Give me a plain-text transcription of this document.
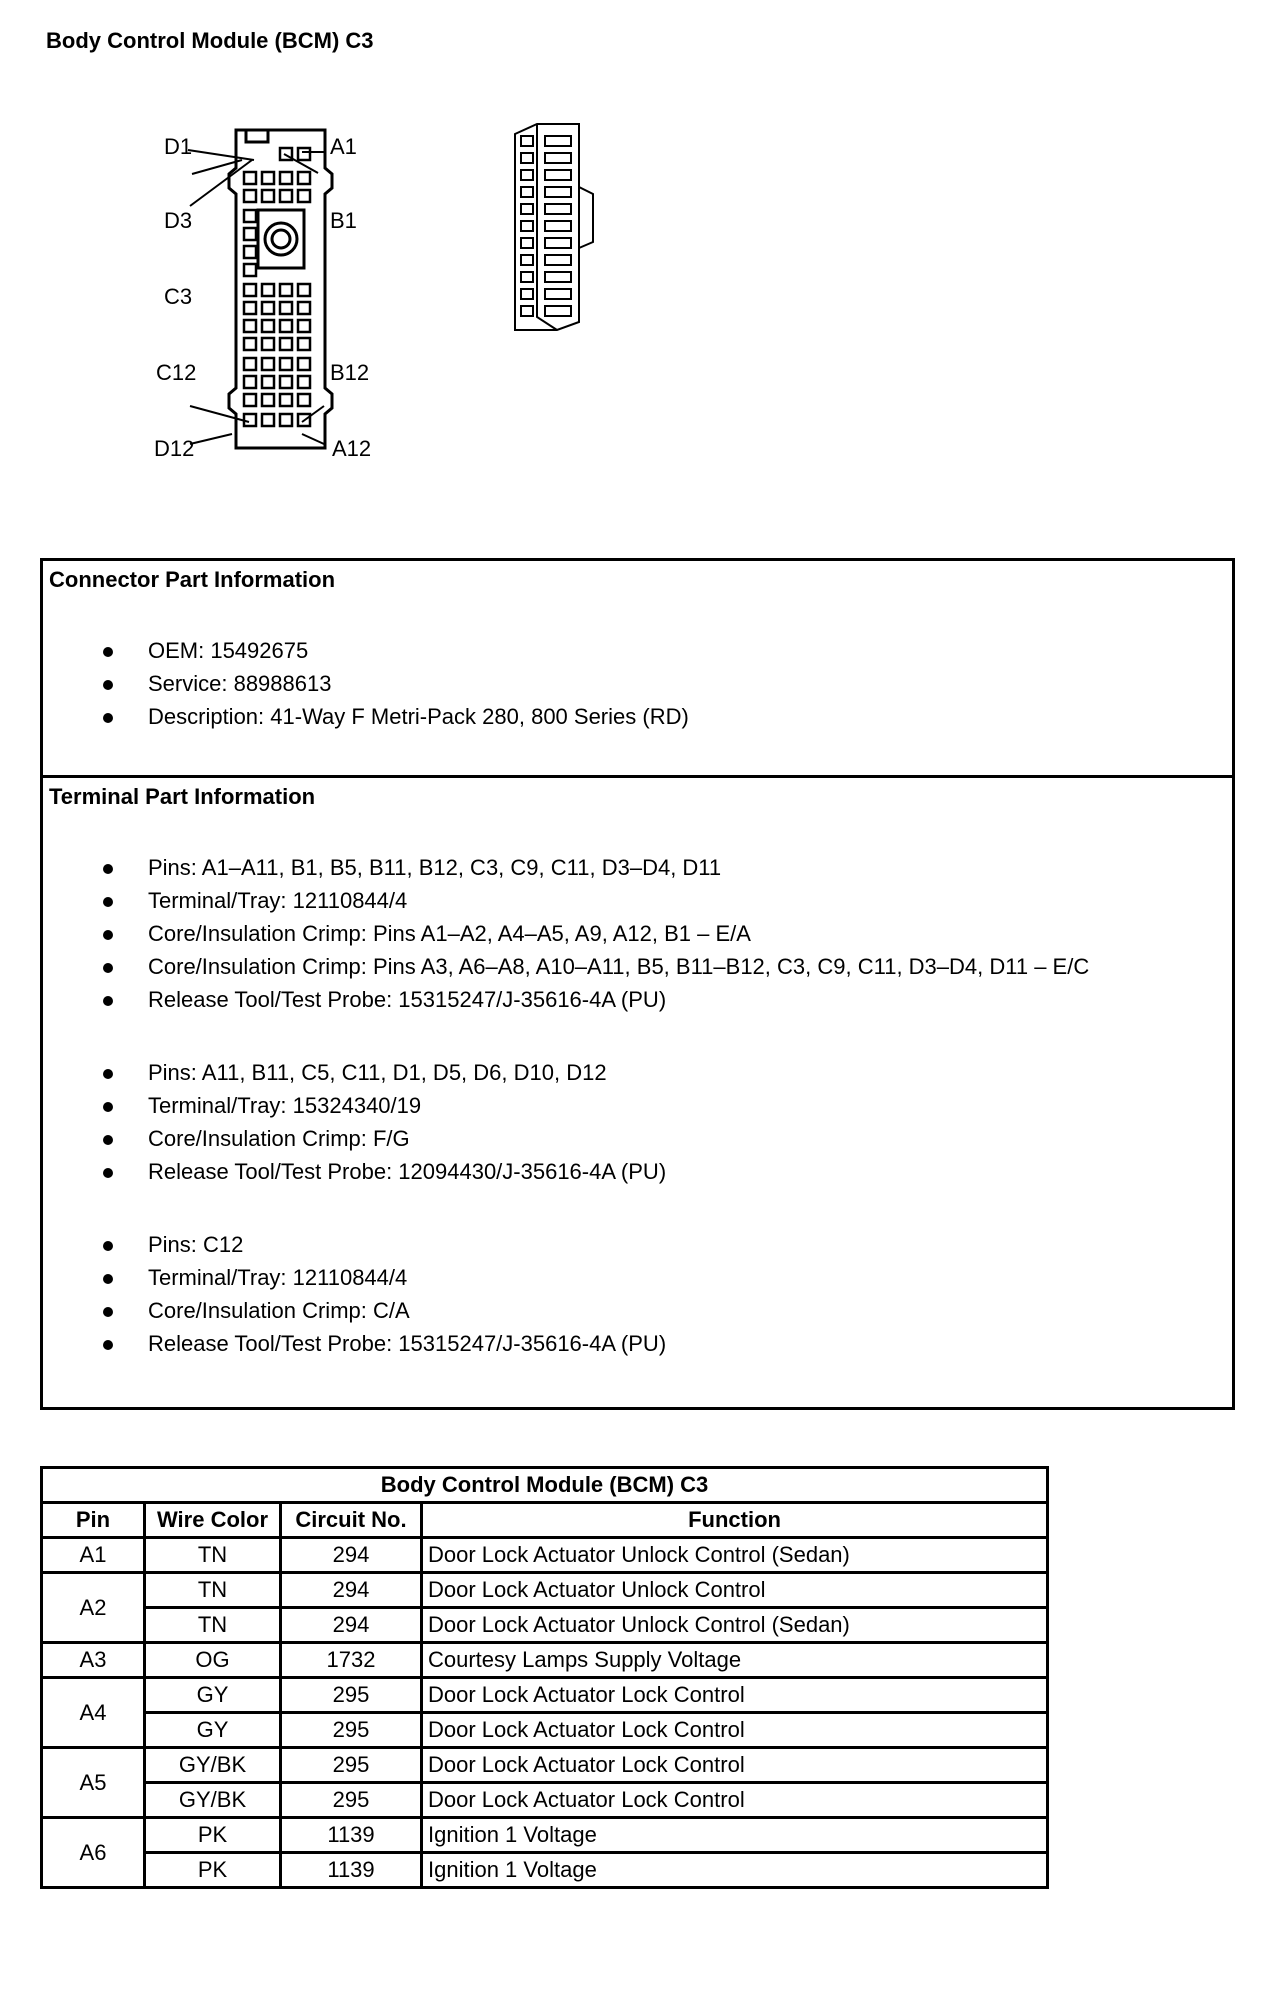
Body Control Module (BCM) C3
D1	A1
D3	B1
C3
C12	B12
D12	A12
Connector Part Information
OEM: 15492675
Service: 88988613
Description: 41-Way F Metri-Pack 280, 800 Series (RD)
Terminal Part Information
Pins: A1–A11, B1, B5, B11, B12, C3, C9, C11, D3–D4, D11
Terminal/Tray: 12110844/4
Core/Insulation Crimp: Pins A1–A2, A4–A5, A9, A12, B1 – E/A
Core/Insulation Crimp: Pins A3, A6–A8, A10–A11, B5, B11–B12, C3, C9, C11, D3–D4, D11 – E/C
Release Tool/Test Probe: 15315247/J-35616-4A (PU)
Pins: A11, B11, C5, C11, D1, D5, D6, D10, D12
Terminal/Tray: 15324340/19
Core/Insulation Crimp: F/G
Release Tool/Test Probe: 12094430/J-35616-4A (PU)
Pins: C12
Terminal/Tray: 12110844/4
Core/Insulation Crimp: C/A
Release Tool/Test Probe: 15315247/J-35616-4A (PU)
Body Control Module (BCM) C3			
Pin	Wire Color	Circuit No.	Function
A1	TN	294	Door Lock Actuator Unlock Control (Sedan)
A2	TN	294	Door Lock Actuator Unlock Control
	TN	294	Door Lock Actuator Unlock Control (Sedan)
A3	OG	1732	Courtesy Lamps Supply Voltage
A4	GY	295	Door Lock Actuator Lock Control
	GY	295	Door Lock Actuator Lock Control
A5	GY/BK	295	Door Lock Actuator Lock Control
	GY/BK	295	Door Lock Actuator Lock Control
A6	PK	1139	Ignition 1 Voltage
	PK	1139	Ignition 1 Voltage
